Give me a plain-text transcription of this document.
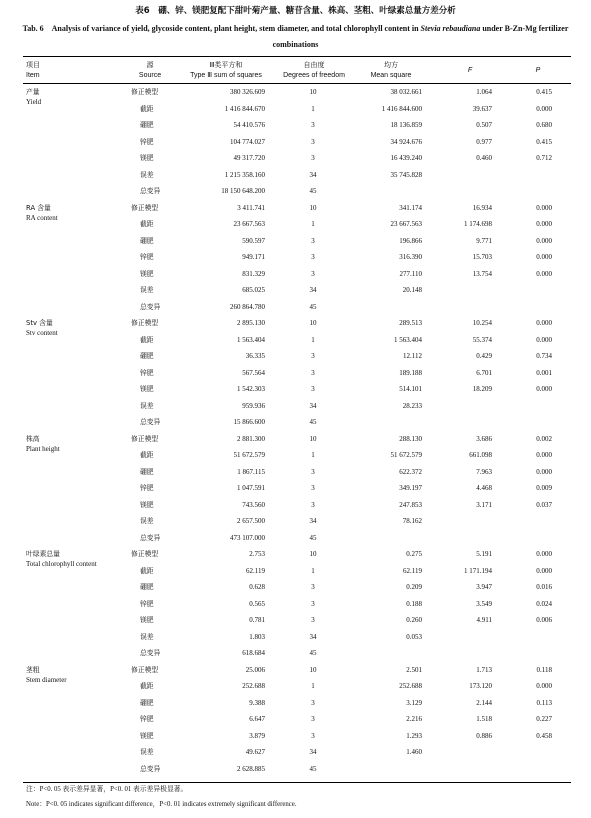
表6　硼、锌、镁肥复配下甜叶菊产量、糖苷含量、株高、茎粗、叶绿素总量方差分析
Tab. 6　Analysis of variance of yield, glycoside content, plant height, stem diameter, and total chlorophyll content in Stevia rebaudiana under B-Zn-Mg fertilizer combinations
项目
Item
源
Source
Ⅲ类平方和
Type Ⅲ sum of squares
自由度
Degrees of freedom
均方
Mean square
F	P
产量
Yield
修正模型	380 326.609	10	38 032.661	1.064	0.415
截距	1 416 844.670	1	1 416 844.600	39.637	0.000
硼肥	54 410.576	3	18 136.859	0.507	0.680
锌肥	104 774.027	3	34 924.676	0.977	0.415
镁肥	49 317.720	3	16 439.240	0.460	0.712
误差	1 215 358.160	34	35 745.828
总变异	18 150 648.200	45
RA 含量
RA content
修正模型	3 411.741	10	341.174	16.934	0.000
截距	23 667.563	1	23 667.563	1 174.698	0.000
硼肥	590.597	3	196.866	9.771	0.000
锌肥	949.171	3	316.390	15.703	0.000
镁肥	831.329	3	277.110	13.754	0.000
误差	685.025	34	20.148
总变异	260 864.780	45
Stv 含量
Stv content
修正模型	2 895.130	10	289.513	10.254	0.000
截距	1 563.404	1	1 563.404	55.374	0.000
硼肥	36.335	3	12.112	0.429	0.734
锌肥	567.564	3	189.188	6.701	0.001
镁肥	1 542.303	3	514.101	18.209	0.000
误差	959.936	34	28.233
总变异	15 866.600	45
株高
Plant height
修正模型	2 881.300	10	288.130	3.686	0.002
截距	51 672.579	1	51 672.579	661.098	0.000
硼肥	1 867.115	3	622.372	7.963	0.000
锌肥	1 047.591	3	349.197	4.468	0.009
镁肥	743.560	3	247.853	3.171	0.037
误差	2 657.500	34	78.162
总变异	473 107.000	45
叶绿素总量
Total chlorophyll content
修正模型	2.753	10	0.275	5.191	0.000
截距	62.119	1	62.119	1 171.194	0.000
硼肥	0.628	3	0.209	3.947	0.016
锌肥	0.565	3	0.188	3.549	0.024
镁肥	0.781	3	0.260	4.911	0.006
误差	1.803	34	0.053
总变异	618.684	45
茎粗
Stem diameter
修正模型	25.006	10	2.501	1.713	0.118
截距	252.688	1	252.688	173.120	0.000
硼肥	9.388	3	3.129	2.144	0.113
锌肥	6.647	3	2.216	1.518	0.227
镁肥	3.879	3	1.293	0.886	0.458
误差	49.627	34	1.460
总变异	2 628.885	45
注：P<0. 05 表示差异显著，P<0. 01 表示差异极显著。
Note：P<0. 05 indicates significant difference，P<0. 01 indicates extremely significant difference.
